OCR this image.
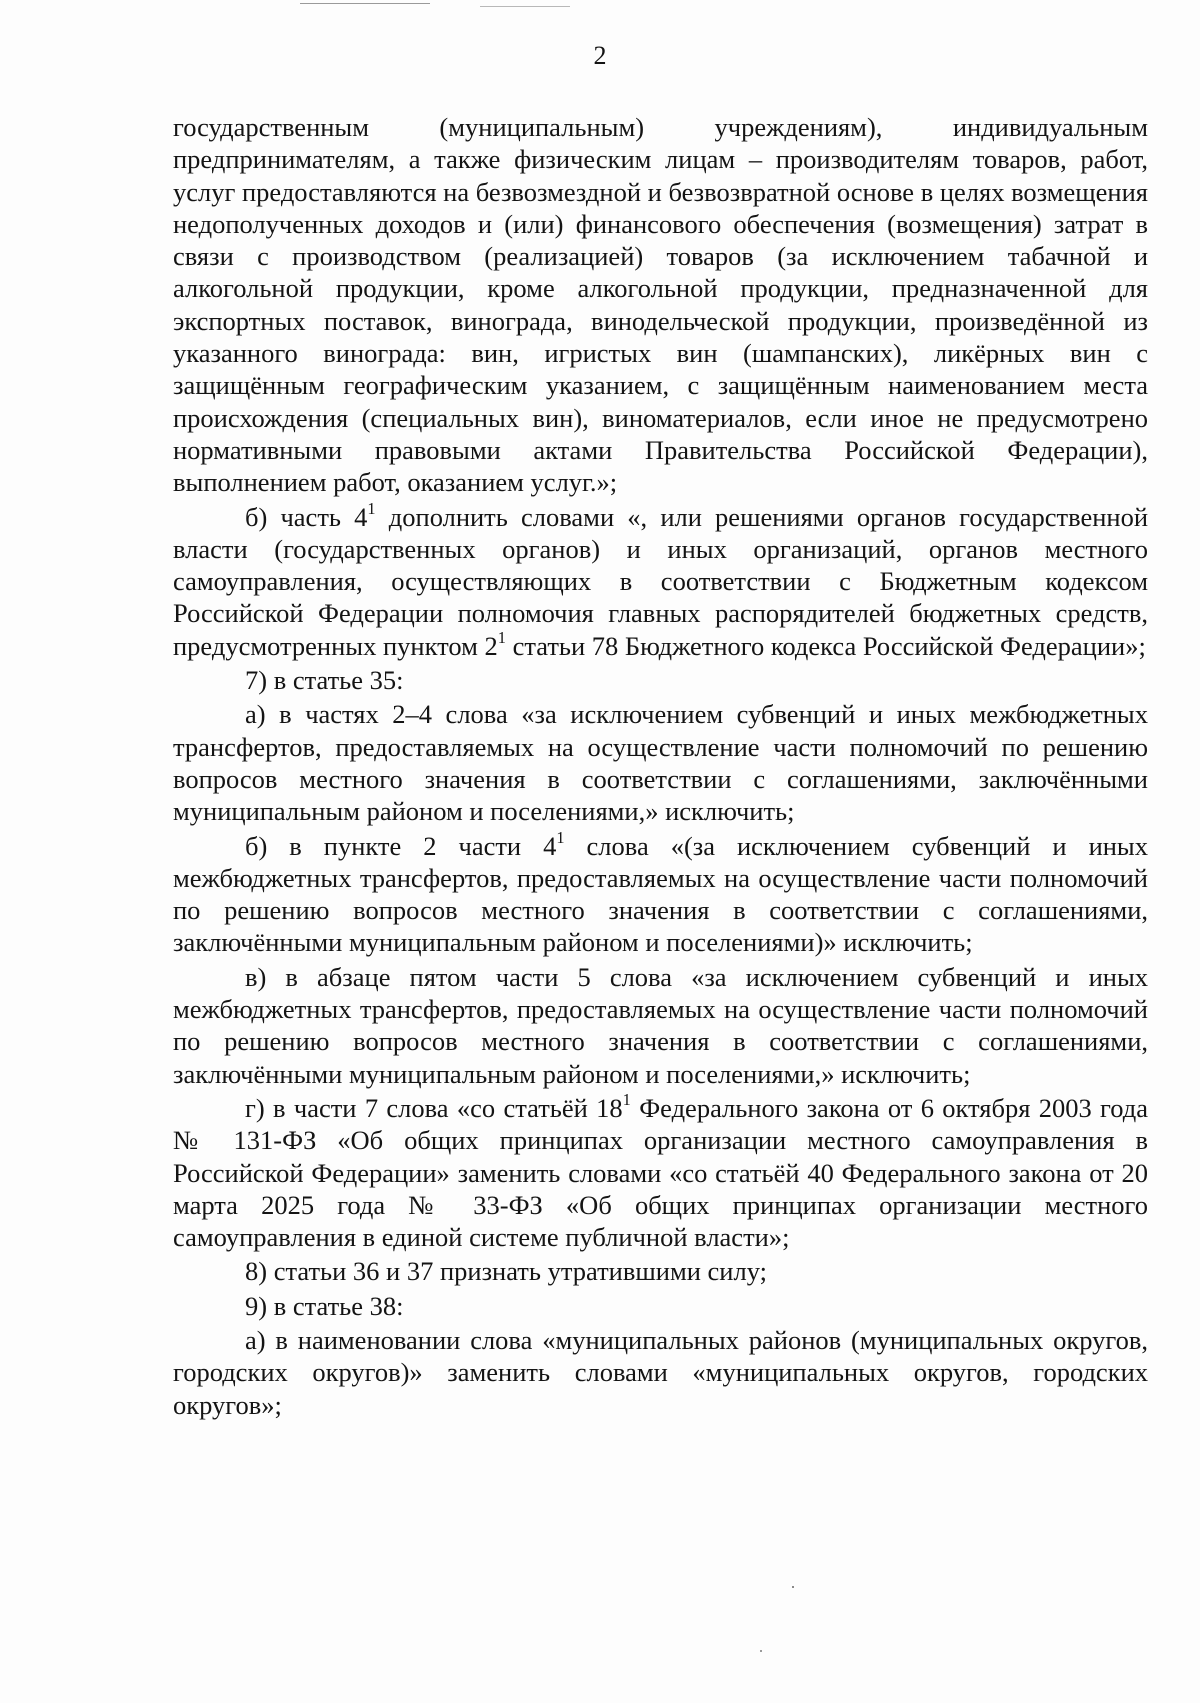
2

государственным (муниципальным) учреждениям), индивидуальным предпринимателям, а также физическим лицам – производителям товаров, работ, услуг предоставляются на безвозмездной и безвозвратной основе в целях возмещения недополученных доходов и (или) финансового обеспечения (возмещения) затрат в связи с производством (реализацией) товаров (за исключением табачной и алкогольной продукции, кроме алкогольной продукции, предназначенной для экспортных поставок, винограда, винодельческой продукции, произведённой из указанного винограда: вин, игристых вин (шампанских), ликёрных вин с защищённым географическим указанием, с защищённым наименованием места происхождения (специальных вин), виноматериалов, если иное не предусмотрено нормативными правовыми актами Правительства Российской Федерации), выполнением работ, оказанием услуг.»;

б) часть $4^1$ дополнить словами «, или решениями органов государственной власти (государственных органов) и иных организаций, органов местного самоуправления, осуществляющих в соответствии с Бюджетным кодексом Российской Федерации полномочия главных распорядителей бюджетных средств, предусмотренных пунктом $2^1$ статьи 78 Бюджетного кодекса Российской Федерации»;

7) в статье 35:

а) в частях 2–4 слова «за исключением субвенций и иных межбюджетных трансфертов, предоставляемых на осуществление части полномочий по решению вопросов местного значения в соответствии с соглашениями, заключёнными муниципальным районом и поселениями,» исключить;

б) в пункте 2 части $4^1$ слова «(за исключением субвенций и иных межбюджетных трансфертов, предоставляемых на осуществление части полномочий по решению вопросов местного значения в соответствии с соглашениями, заключёнными муниципальным районом и поселениями)» исключить;

в) в абзаце пятом части 5 слова «за исключением субвенций и иных межбюджетных трансфертов, предоставляемых на осуществление части полномочий по решению вопросов местного значения в соответствии с соглашениями, заключёнными муниципальным районом и поселениями,» исключить;

г) в части 7 слова «со статьёй $18^1$ Федерального закона от 6 октября 2003 года № 131-ФЗ «Об общих принципах организации местного самоуправления в Российской Федерации» заменить словами «со статьёй 40 Федерального закона от 20 марта 2025 года № 33-ФЗ «Об общих принципах организации местного самоуправления в единой системе публичной власти»;

8) статьи 36 и 37 признать утратившими силу;

9) в статье 38:

а) в наименовании слова «муниципальных районов (муниципальных округов, городских округов)» заменить словами «муниципальных округов, городских округов»;
